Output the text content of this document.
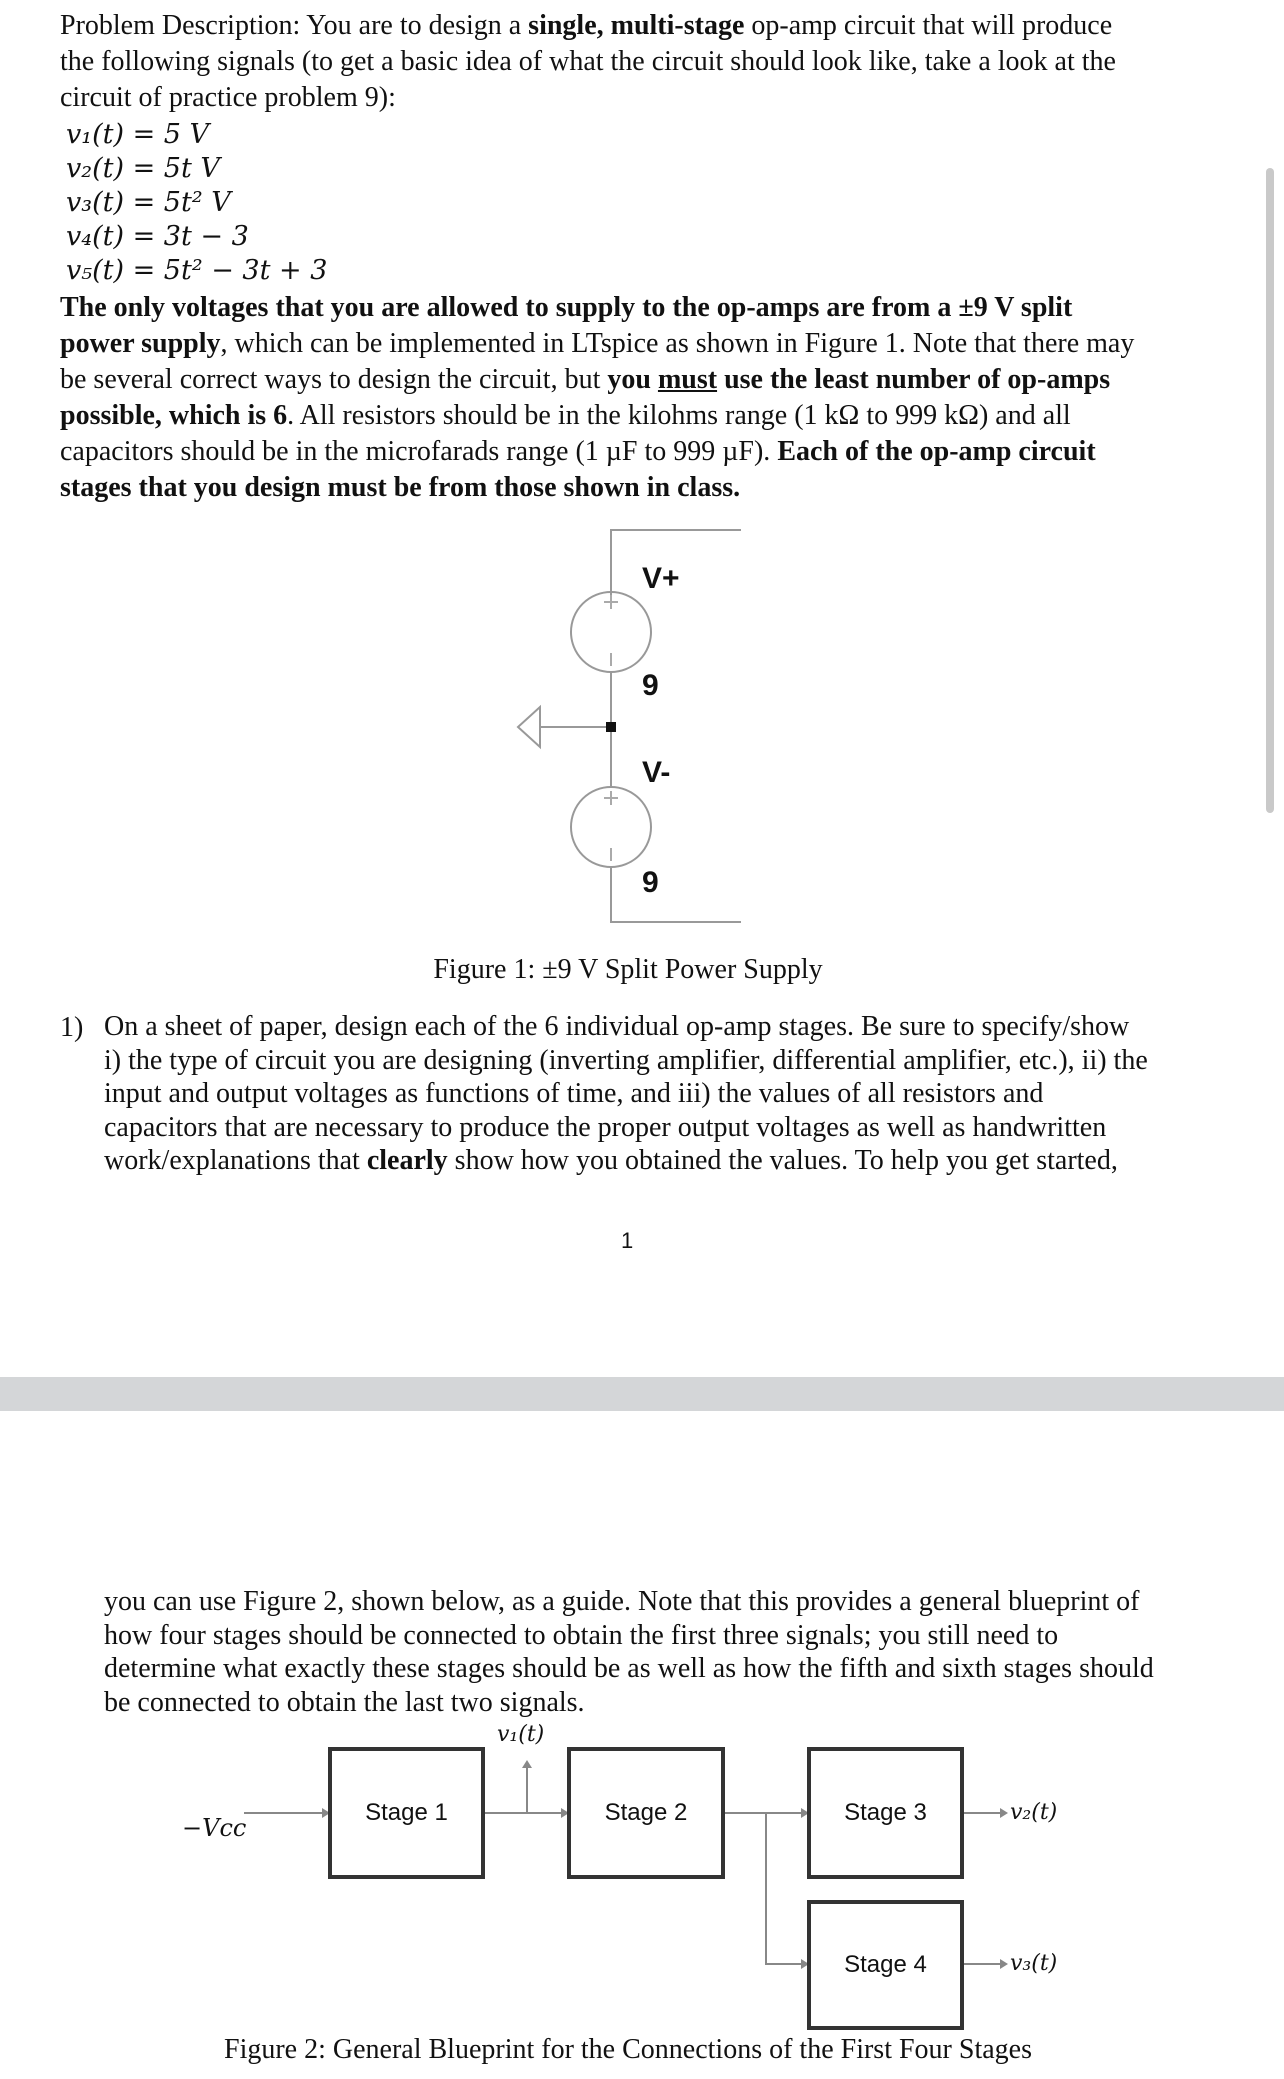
Problem Description: You are to design a single, multi-stage op-amp circuit that will produce
the following signals (to get a basic idea of what the circuit should look like, take a look at the
circuit of practice problem 9):
v₁(t) = 5 V
v₂(t) = 5t V
v₃(t) = 5t² V
v₄(t) = 3t − 3
v₅(t) = 5t² − 3t + 3
The only voltages that you are allowed to supply to the op-amps are from a ±9 V split
power supply, which can be implemented in LTspice as shown in Figure 1. Note that there may
be several correct ways to design the circuit, but you must use the least number of op-amps
possible, which is 6. All resistors should be in the kilohms range (1 kΩ to 999 kΩ) and all
capacitors should be in the microfarads range (1 µF to 999 µF). Each of the op-amp circuit
stages that you design must be from those shown in class.
V+
9
V-
9
Figure 1: ±9 V Split Power Supply
1) On a sheet of paper, design each of the 6 individual op-amp stages. Be sure to specify/show
i) the type of circuit you are designing (inverting amplifier, differential amplifier, etc.), ii) the
input and output voltages as functions of time, and iii) the values of all resistors and
capacitors that are necessary to produce the proper output voltages as well as handwritten
work/explanations that clearly show how you obtained the values. To help you get started,
1
you can use Figure 2, shown below, as a guide. Note that this provides a general blueprint of
how four stages should be connected to obtain the first three signals; you still need to
determine what exactly these stages should be as well as how the fifth and sixth stages should
be connected to obtain the last two signals.
−Vcc
Stage 1
v₁(t)
Stage 2	Stage 3
Stage 4
v₂(t)
v₃(t)
Figure 2: General Blueprint for the Connections of the First Four Stages
